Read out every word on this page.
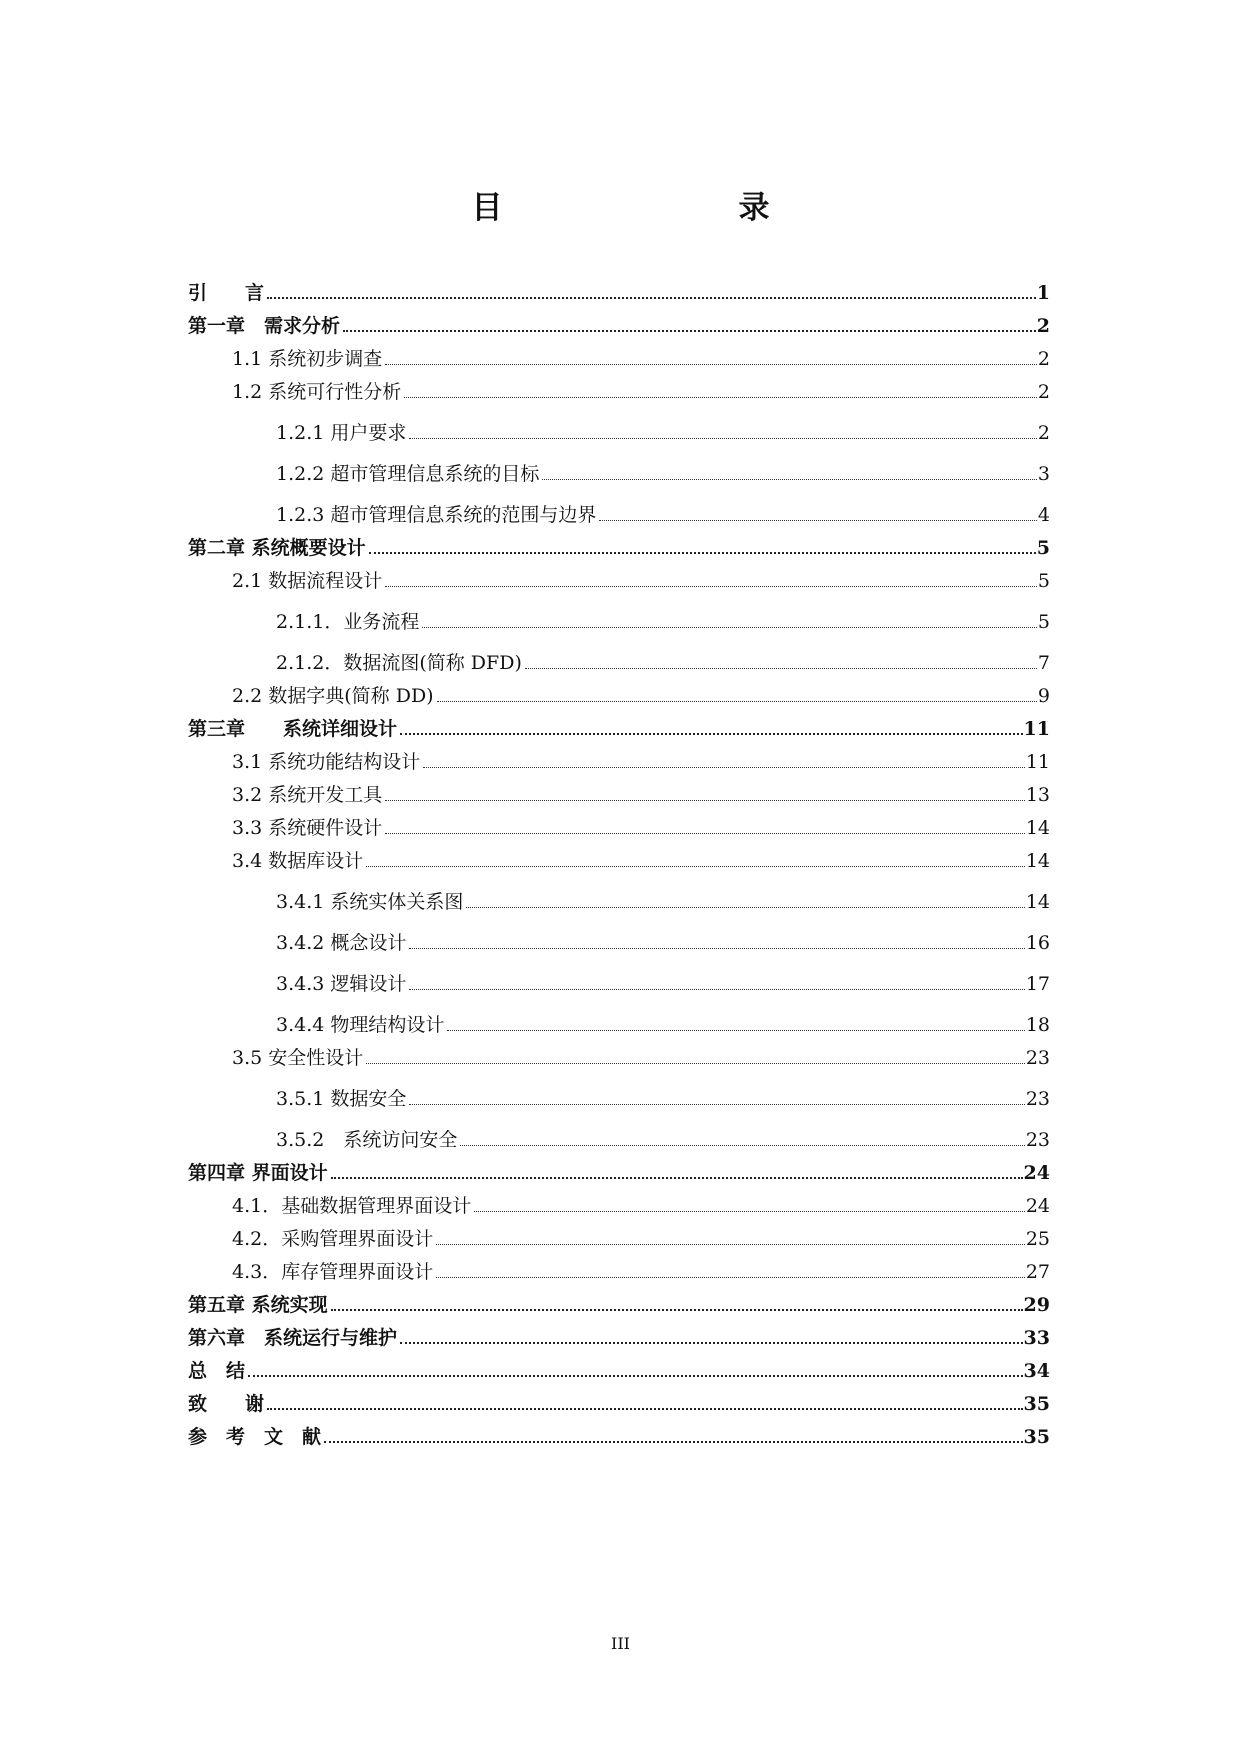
目　　录
引　　言	1
第一章　需求分析	2
1.1 系统初步调查	2
1.2 系统可行性分析	2
1.2.1 用户要求	2
1.2.2 超市管理信息系统的目标	3
1.2.3 超市管理信息系统的范围与边界	4
第二章 系统概要设计	5
2.1 数据流程设计	5
2.1.1．业务流程	5
2.1.2．数据流图(简称 DFD)	7
2.2 数据字典(简称 DD)	9
第三章　　系统详细设计	11
3.1 系统功能结构设计	11
3.2 系统开发工具	13
3.3 系统硬件设计	14
3.4 数据库设计	14
3.4.1 系统实体关系图	14
3.4.2 概念设计	16
3.4.3 逻辑设计	17
3.4.4 物理结构设计	18
3.5 安全性设计	23
3.5.1 数据安全	23
3.5.2　系统访问安全	23
第四章 界面设计	24
4.1．基础数据管理界面设计	24
4.2．采购管理界面设计	25
4.3．库存管理界面设计	27
第五章 系统实现	29
第六章　系统运行与维护	33
总　结	34
致　　谢	35
参　考　文　献	35
III
